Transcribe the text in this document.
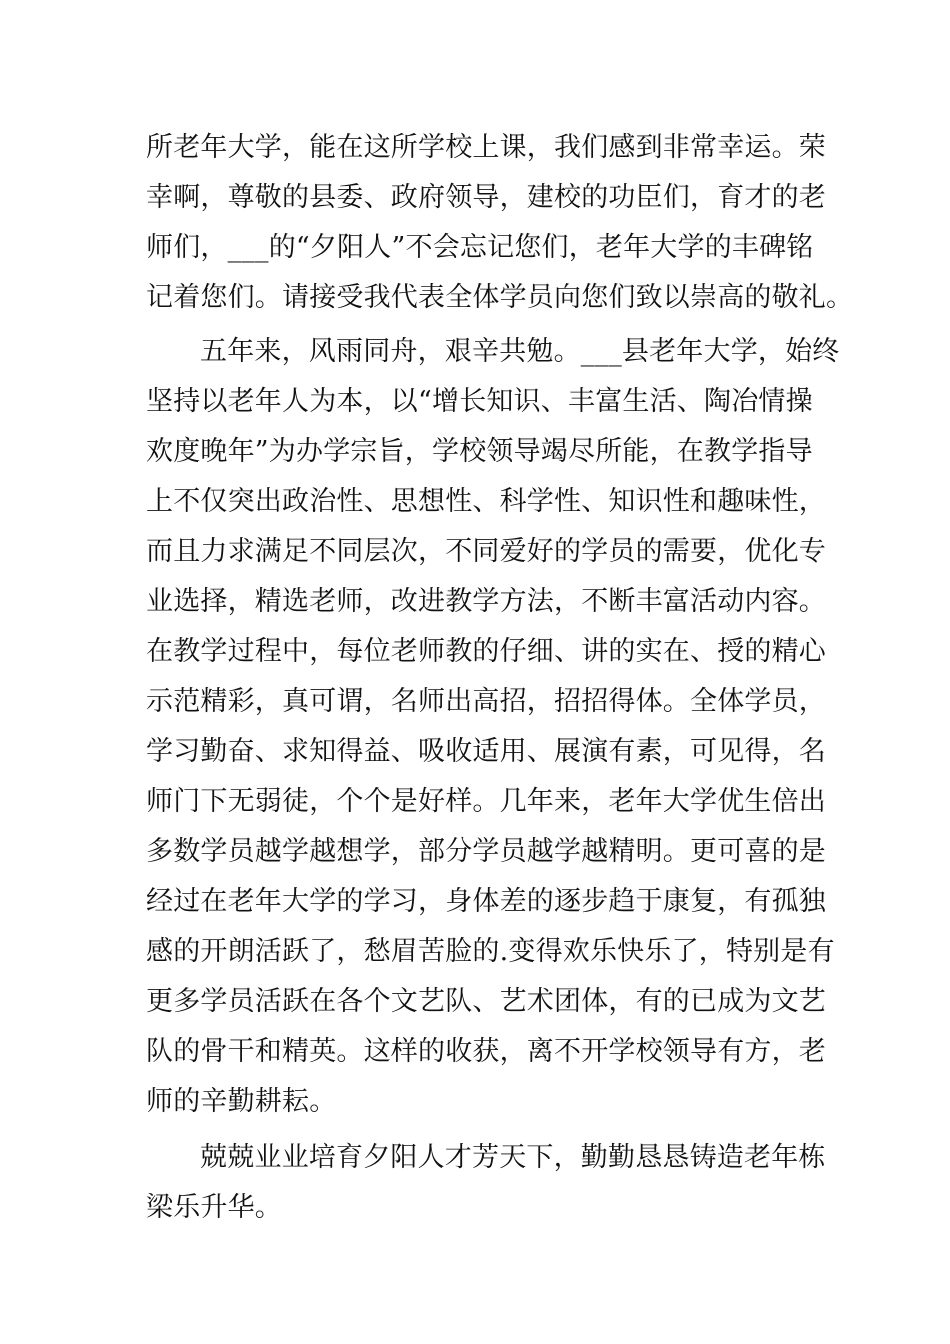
所老年大学，能在这所学校上课，我们感到非常幸运。荣
幸啊，尊敬的县委、政府领导，建校的功臣们，育才的老
师们，___的“夕阳人”不会忘记您们，老年大学的丰碑铭
记着您们。请接受我代表全体学员向您们致以崇高的敬礼。
五年来，风雨同舟，艰辛共勉。___县老年大学，始终
坚持以老年人为本，以“增长知识、丰富生活、陶冶情操
欢度晚年”为办学宗旨，学校领导竭尽所能，在教学指导
上不仅突出政治性、思想性、科学性、知识性和趣味性，
而且力求满足不同层次，不同爱好的学员的需要，优化专
业选择，精选老师，改进教学方法，不断丰富活动内容。
在教学过程中，每位老师教的仔细、讲的实在、授的精心
示范精彩，真可谓，名师出高招，招招得体。全体学员，
学习勤奋、求知得益、吸收适用、展演有素，可见得，名
师门下无弱徒，个个是好样。几年来，老年大学优生倍出
多数学员越学越想学，部分学员越学越精明。更可喜的是
经过在老年大学的学习，身体差的逐步趋于康复，有孤独
感的开朗活跃了，愁眉苦脸的.变得欢乐快乐了，特别是有
更多学员活跃在各个文艺队、艺术团体，有的已成为文艺
队的骨干和精英。这样的收获，离不开学校领导有方，老
师的辛勤耕耘。
兢兢业业培育夕阳人才芳天下，勤勤恳恳铸造老年栋
梁乐升华。
